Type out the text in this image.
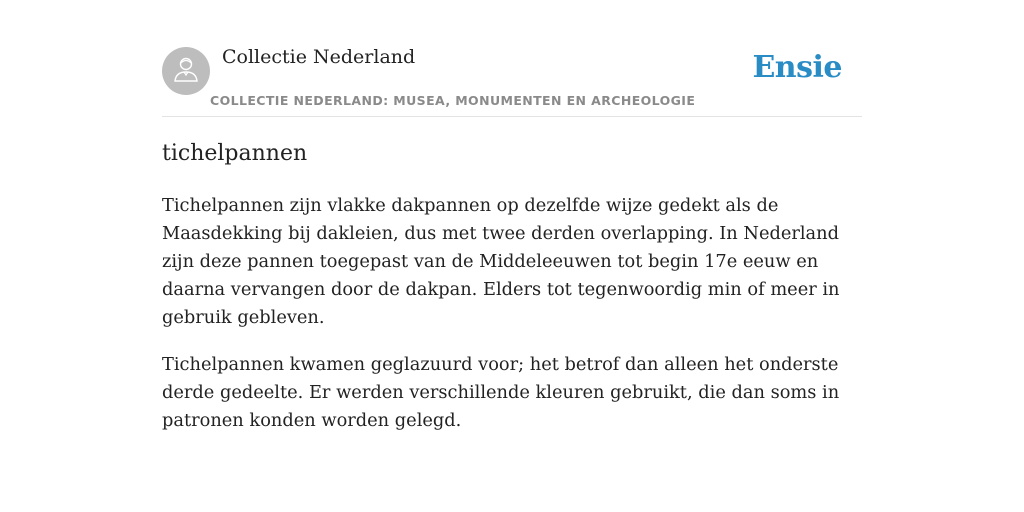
Collectie Nederland
COLLECTIE NEDERLAND: MUSEA, MONUMENTEN EN ARCHEOLOGIE
Ensie
tichelpannen

Tichelpannen zijn vlakke dakpannen op dezelfde wijze gedekt als de Maasdekking bij dakleien, dus met twee derden overlapping. In Nederland zijn deze pannen toegepast van de Middeleeuwen tot begin 17e eeuw en daarna vervangen door de dakpan. Elders tot tegenwoordig min of meer in gebruik gebleven.

Tichelpannen kwamen geglazuurd voor; het betrof dan alleen het onderste derde gedeelte. Er werden verschillende kleuren gebruikt, die dan soms in patronen konden worden gelegd.
